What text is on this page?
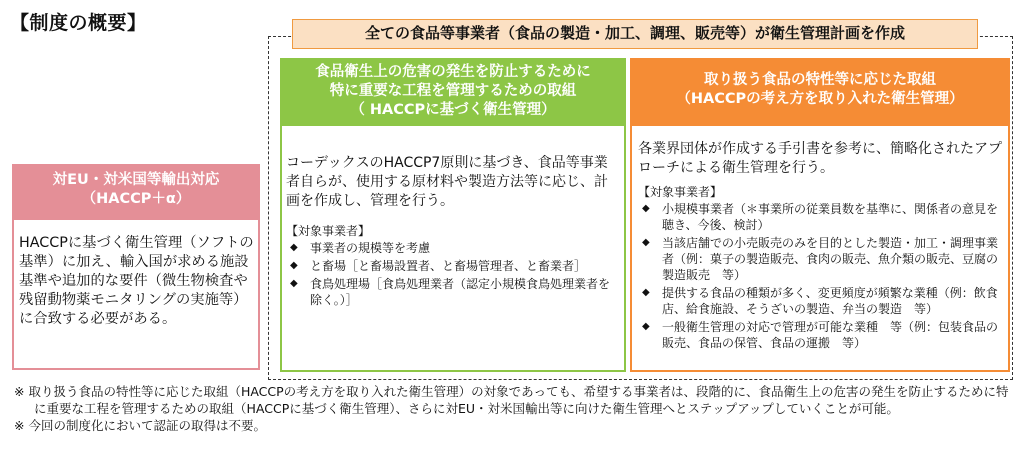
【制度の概要】	全ての食品等事業者（食品の製造・加工、調理、販売等）が衛生管理計画を作成
食品衛生上の危害の発生を防止するために
特に重要な工程を管理するための取組
（ HACCPに基づく衛生管理）

コーデックスのHACCP7原則に基づき、食品等事業者自らが、使用する原材料や製造方法等に応じ、計画を作成し、管理を行う。

【対象事業者】
◆ 事業者の規模等を考慮
◆ と畜場［と畜場設置者、と畜場管理者、と畜業者］
◆ 食鳥処理場［食鳥処理業者（認定小規模食鳥処理業者を除く。）］
取り扱う食品の特性等に応じた取組
（HACCPの考え方を取り入れた衛生管理）

各業界団体が作成する手引書を参考に、簡略化されたアプローチによる衛生管理を行う。

【対象事業者】
◆ 小規模事業者（＊事業所の従業員数を基準に、関係者の意見を聴き、今後、検討）
◆ 当該店舗での小売販売のみを目的とした製造・加工・調理事業者（例：菓子の製造販売、食肉の販売、魚介類の販売、豆腐の製造販売　等）
◆ 提供する食品の種類が多く、変更頻度が頻繁な業種（例：飲食店、給食施設、そうざいの製造、弁当の製造　等）
◆ 一般衛生管理の対応で管理が可能な業種　等（例：包装食品の販売、食品の保管、食品の運搬　等）
対EU・対米国等輸出対応
（HACCP＋α）
HACCPに基づく衛生管理（ソフトの基準）に加え、輸入国が求める施設基準や追加的な要件（微生物検査や残留動物薬モニタリングの実施等）に合致する必要がある。

※ 取り扱う食品の特性等に応じた取組（HACCPの考え方を取り入れた衛生管理）の対象であっても、希望する事業者は、段階的に、食品衛生上の危害の発生を防止するために特に重要な工程を管理するための取組（HACCPに基づく衛生管理）、さらに対EU・対米国輸出等に向けた衛生管理へとステップアップしていくことが可能。

※ 今回の制度化において認証の取得は不要。
